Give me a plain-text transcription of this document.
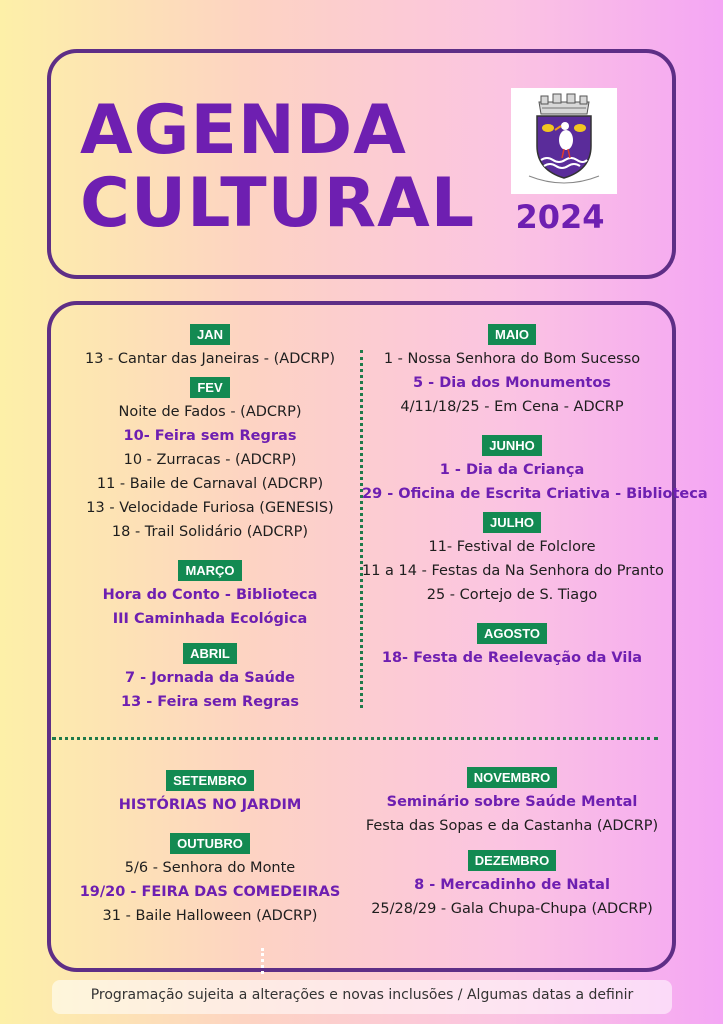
AGENDA
CULTURAL 2024
JAN
13 - Cantar das Janeiras - (ADCRP)
FEV
Noite de Fados - (ADCRP)
10- Feira sem Regras
10 - Zurracas - (ADCRP)
11 - Baile de Carnaval (ADCRP)
13 - Velocidade Furiosa (GENESIS)
18 - Trail Solidário (ADCRP)
MARÇO
Hora do Conto - Biblioteca
III Caminhada Ecológica
ABRIL
7 - Jornada da Saúde
13 - Feira sem Regras
MAIO
1 - Nossa Senhora do Bom Sucesso
5 - Dia dos Monumentos
4/11/18/25 - Em Cena - ADCRP
JUNHO
1 - Dia da Criança
29 - Oficina de Escrita Criativa - Biblioteca
JULHO
11- Festival de Folclore
11 a 14 - Festas da Na Senhora do Pranto
25 - Cortejo de S. Tiago
AGOSTO
18- Festa de Reelevação da Vila
SETEMBRO
HISTÓRIAS NO JARDIM
OUTUBRO
5/6 - Senhora do Monte
19/20 - FEIRA DAS COMEDEIRAS
31 - Baile Halloween (ADCRP)
NOVEMBRO
Seminário sobre Saúde Mental
Festa das Sopas e da Castanha (ADCRP)
DEZEMBRO
8 - Mercadinho de Natal
25/28/29 - Gala Chupa-Chupa (ADCRP)
Programação sujeita a alterações e novas inclusões / Algumas datas a definir
